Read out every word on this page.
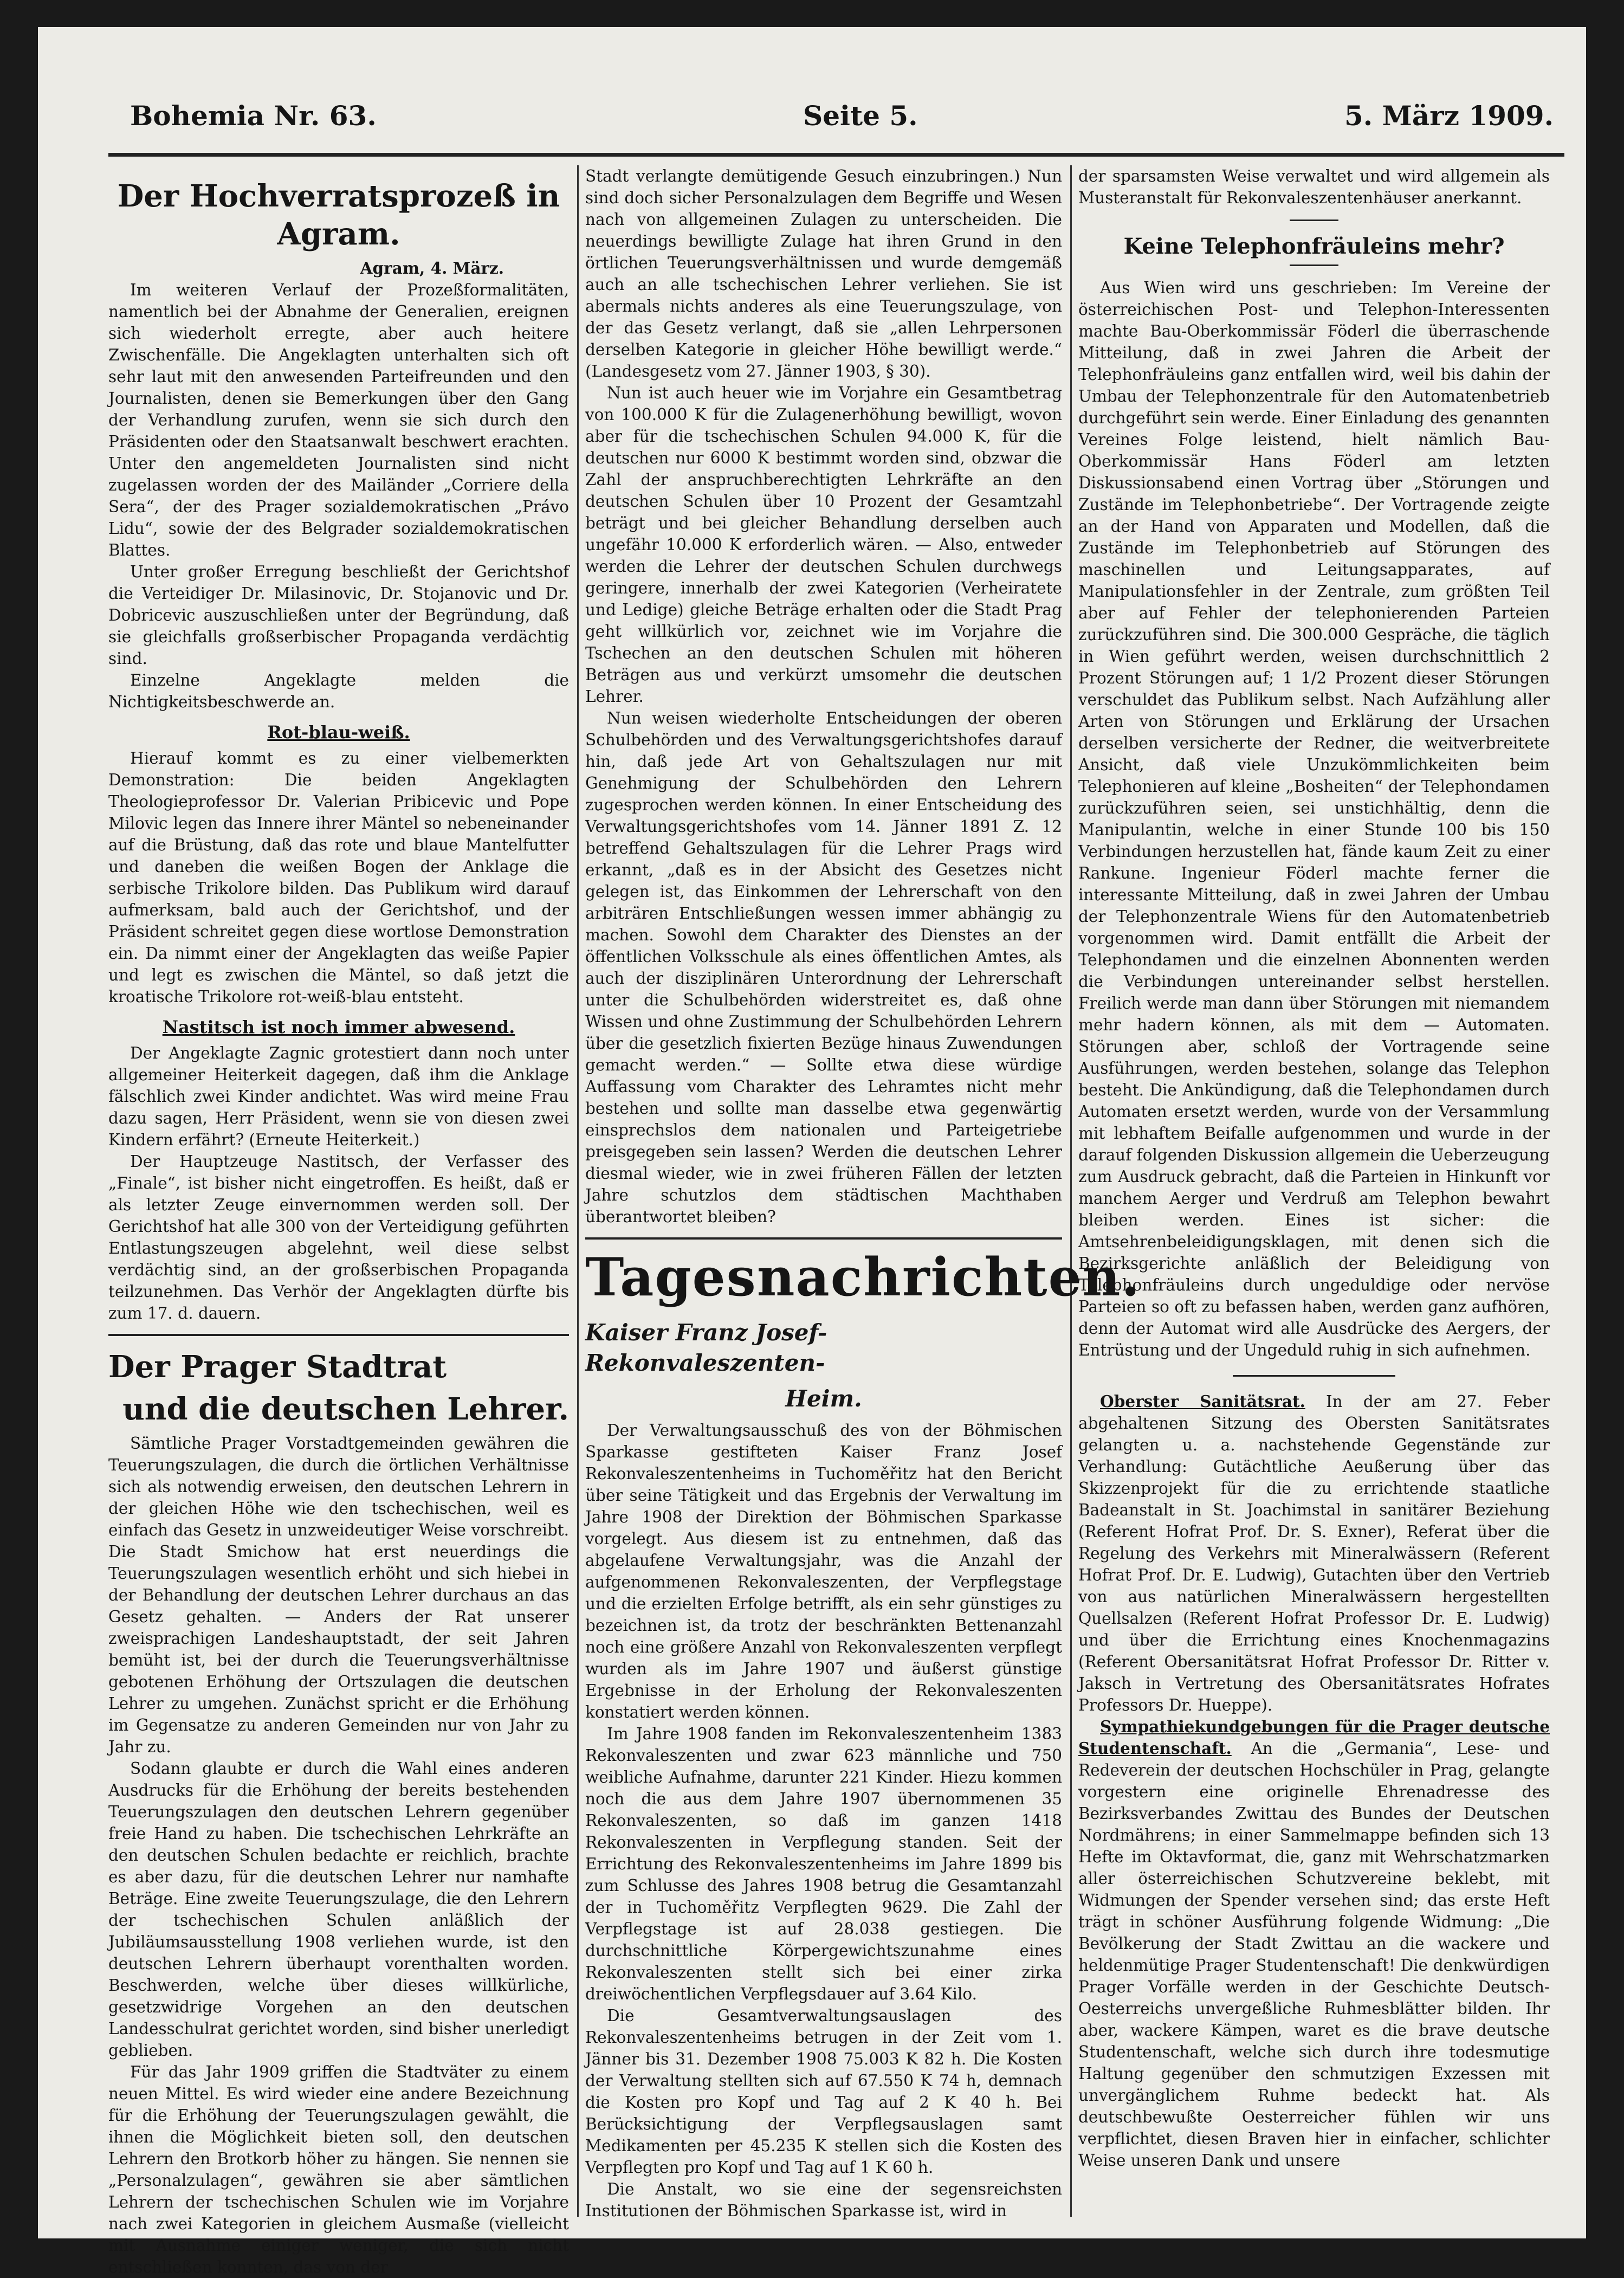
Bohemia Nr. 63.	Seite 5.	5. März 1909.
Der Hochverratsprozeß in Agram.

Agram, 4. März.

Im weiteren Verlauf der Prozeßformalitäten, namentlich bei der Abnahme der Generalien, ereignen sich wiederholt erregte, aber auch heitere Zwischenfälle. Die Angeklagten unterhalten sich oft sehr laut mit den anwesenden Parteifreunden und den Journalisten, denen sie Bemerkungen über den Gang der Verhandlung zurufen, wenn sie sich durch den Präsidenten oder den Staatsanwalt beschwert erachten. Unter den angemeldeten Journalisten sind nicht zugelassen worden der des Mailänder „Corriere della Sera“, der des Prager sozialdemokratischen „Právo Lidu“, sowie der des Belgrader sozialdemokratischen Blattes.

Unter großer Erregung beschließt der Gerichtshof die Verteidiger Dr. Milasinovic, Dr. Stojanovic und Dr. Dobricevic auszuschließen unter der Begründung, daß sie gleichfalls großserbischer Propaganda verdächtig sind.

Einzelne Angeklagte melden die Nichtigkeitsbeschwerde an.

Rot-blau-weiß.

Hierauf kommt es zu einer vielbemerkten Demonstration: Die beiden Angeklagten Theologieprofessor Dr. Valerian Pribicevic und Pope Milovic legen das Innere ihrer Mäntel so nebeneinander auf die Brüstung, daß das rote und blaue Mantelfutter und daneben die weißen Bogen der Anklage die serbische Trikolore bilden. Das Publikum wird darauf aufmerksam, bald auch der Gerichtshof, und der Präsident schreitet gegen diese wortlose Demonstration ein. Da nimmt einer der Angeklagten das weiße Papier und legt es zwischen die Mäntel, so daß jetzt die kroatische Trikolore rot-weiß-blau entsteht.

Nastitsch ist noch immer abwesend.

Der Angeklagte Zagnic grotestiert dann noch unter allgemeiner Heiterkeit dagegen, daß ihm die Anklage fälschlich zwei Kinder andichtet. Was wird meine Frau dazu sagen, Herr Präsident, wenn sie von diesen zwei Kindern erfährt? (Erneute Heiterkeit.)

Der Hauptzeuge Nastitsch, der Verfasser des „Finale“, ist bisher nicht eingetroffen. Es heißt, daß er als letzter Zeuge einvernommen werden soll. Der Gerichtshof hat alle 300 von der Verteidigung geführten Entlastungszeugen abgelehnt, weil diese selbst verdächtig sind, an der großserbischen Propaganda teilzunehmen. Das Verhör der Angeklagten dürfte bis zum 17. d. dauern.

Der Prager Stadtrat
und die deutschen Lehrer.

Sämtliche Prager Vorstadtgemeinden gewähren die Teuerungszulagen, die durch die örtlichen Verhältnisse sich als notwendig erweisen, den deutschen Lehrern in der gleichen Höhe wie den tschechischen, weil es einfach das Gesetz in unzweideutiger Weise vorschreibt. Die Stadt Smichow hat erst neuerdings die Teuerungszulagen wesentlich erhöht und sich hiebei in der Behandlung der deutschen Lehrer durchaus an das Gesetz gehalten. — Anders der Rat unserer zweisprachigen Landeshauptstadt, der seit Jahren bemüht ist, bei der durch die Teuerungsverhältnisse gebotenen Erhöhung der Ortszulagen die deutschen Lehrer zu umgehen. Zunächst spricht er die Erhöhung im Gegensatze zu anderen Gemeinden nur von Jahr zu Jahr zu.

Sodann glaubte er durch die Wahl eines anderen Ausdrucks für die Erhöhung der bereits bestehenden Teuerungszulagen den deutschen Lehrern gegenüber freie Hand zu haben. Die tschechischen Lehrkräfte an den deutschen Schulen bedachte er reichlich, brachte es aber dazu, für die deutschen Lehrer nur namhafte Beträge. Eine zweite Teuerungszulage, die den Lehrern der tschechischen Schulen anläßlich der Jubiläumsausstellung 1908 verliehen wurde, ist den deutschen Lehrern überhaupt vorenthalten worden. Beschwerden, welche über dieses willkürliche, gesetzwidrige Vorgehen an den deutschen Landesschulrat gerichtet worden, sind bisher unerledigt geblieben.

Für das Jahr 1909 griffen die Stadtväter zu einem neuen Mittel. Es wird wieder eine andere Bezeichnung für die Erhöhung der Teuerungszulagen gewählt, die ihnen die Möglichkeit bieten soll, den deutschen Lehrern den Brotkorb höher zu hängen. Sie nennen sie „Personalzulagen“, gewähren sie aber sämtlichen Lehrern der tschechischen Schulen wie im Vorjahre nach zwei Kategorien in gleichem Ausmaße (vielleicht mit Ausnahme einiger weniger, die sich nicht entschließen konnten, das von der

Stadt verlangte demütigende Gesuch einzubringen.) Nun sind doch sicher Personalzulagen dem Begriffe und Wesen nach von allgemeinen Zulagen zu unterscheiden. Die neuerdings bewilligte Zulage hat ihren Grund in den örtlichen Teuerungsverhältnissen und wurde demgemäß auch an alle tschechischen Lehrer verliehen. Sie ist abermals nichts anderes als eine Teuerungszulage, von der das Gesetz verlangt, daß sie „allen Lehrpersonen derselben Kategorie in gleicher Höhe bewilligt werde.“ (Landesgesetz vom 27. Jänner 1903, § 30).

Nun ist auch heuer wie im Vorjahre ein Gesamtbetrag von 100.000 K für die Zulagenerhöhung bewilligt, wovon aber für die tschechischen Schulen 94.000 K, für die deutschen nur 6000 K bestimmt worden sind, obzwar die Zahl der anspruchberechtigten Lehrkräfte an den deutschen Schulen über 10 Prozent der Gesamtzahl beträgt und bei gleicher Behandlung derselben auch ungefähr 10.000 K erforderlich wären. — Also, entweder werden die Lehrer der deutschen Schulen durchwegs geringere, innerhalb der zwei Kategorien (Verheiratete und Ledige) gleiche Beträge erhalten oder die Stadt Prag geht willkürlich vor, zeichnet wie im Vorjahre die Tschechen an den deutschen Schulen mit höheren Beträgen aus und verkürzt umsomehr die deutschen Lehrer.

Nun weisen wiederholte Entscheidungen der oberen Schulbehörden und des Verwaltungsgerichtshofes darauf hin, daß jede Art von Gehaltszulagen nur mit Genehmigung der Schulbehörden den Lehrern zugesprochen werden können. In einer Entscheidung des Verwaltungsgerichtshofes vom 14. Jänner 1891 Z. 12 betreffend Gehaltszulagen für die Lehrer Prags wird erkannt, „daß es in der Absicht des Gesetzes nicht gelegen ist, das Einkommen der Lehrerschaft von den arbiträren Entschließungen wessen immer abhängig zu machen. Sowohl dem Charakter des Dienstes an der öffentlichen Volksschule als eines öffentlichen Amtes, als auch der disziplinären Unterordnung der Lehrerschaft unter die Schulbehörden widerstreitet es, daß ohne Wissen und ohne Zustimmung der Schulbehörden Lehrern über die gesetzlich fixierten Bezüge hinaus Zuwendungen gemacht werden.“ — Sollte etwa diese würdige Auffassung vom Charakter des Lehramtes nicht mehr bestehen und sollte man dasselbe etwa gegenwärtig einsprechslos dem nationalen und Parteigetriebe preisgegeben sein lassen? Werden die deutschen Lehrer diesmal wieder, wie in zwei früheren Fällen der letzten Jahre schutzlos dem städtischen Machthaben überantwortet bleiben?

Tagesnachrichten.
Kaiser Franz Josef-Rekonvaleszenten-
Heim.

Der Verwaltungsausschuß des von der Böhmischen Sparkasse gestifteten Kaiser Franz Josef Rekonvaleszentenheims in Tuchoměřitz hat den Bericht über seine Tätigkeit und das Ergebnis der Verwaltung im Jahre 1908 der Direktion der Böhmischen Sparkasse vorgelegt. Aus diesem ist zu entnehmen, daß das abgelaufene Verwaltungsjahr, was die Anzahl der aufgenommenen Rekonvaleszenten, der Verpflegstage und die erzielten Erfolge betrifft, als ein sehr günstiges zu bezeichnen ist, da trotz der beschränkten Bettenanzahl noch eine größere Anzahl von Rekonvaleszenten verpflegt wurden als im Jahre 1907 und äußerst günstige Ergebnisse in der Erholung der Rekonvaleszenten konstatiert werden können.

Im Jahre 1908 fanden im Rekonvaleszentenheim 1383 Rekonvaleszenten und zwar 623 männliche und 750 weibliche Aufnahme, darunter 221 Kinder. Hiezu kommen noch die aus dem Jahre 1907 übernommenen 35 Rekonvaleszenten, so daß im ganzen 1418 Rekonvaleszenten in Verpflegung standen. Seit der Errichtung des Rekonvaleszentenheims im Jahre 1899 bis zum Schlusse des Jahres 1908 betrug die Gesamtanzahl der in Tuchoměřitz Verpflegten 9629. Die Zahl der Verpflegstage ist auf 28.038 gestiegen. Die durchschnittliche Körpergewichtszunahme eines Rekonvaleszenten stellt sich bei einer zirka dreiwöchentlichen Verpflegsdauer auf 3.64 Kilo.

Die Gesamtverwaltungsauslagen des Rekonvaleszentenheims betrugen in der Zeit vom 1. Jänner bis 31. Dezember 1908 75.003 K 82 h. Die Kosten der Verwaltung stellten sich auf 67.550 K 74 h, demnach die Kosten pro Kopf und Tag auf 2 K 40 h. Bei Berücksichtigung der Verpflegsauslagen samt Medikamenten per 45.235 K stellen sich die Kosten des Verpflegten pro Kopf und Tag auf 1 K 60 h.

Die Anstalt, wo sie eine der segensreichsten Institutionen der Böhmischen Sparkasse ist, wird in

der sparsamsten Weise verwaltet und wird allgemein als Musteranstalt für Rekonvaleszentenhäuser anerkannt.

Keine Telephonfräuleins mehr?

Aus Wien wird uns geschrieben: Im Vereine der österreichischen Post- und Telephon-Interessenten machte Bau-Oberkommissär Föderl die überraschende Mitteilung, daß in zwei Jahren die Arbeit der Telephonfräuleins ganz entfallen wird, weil bis dahin der Umbau der Telephonzentrale für den Automatenbetrieb durchgeführt sein werde. Einer Einladung des genannten Vereines Folge leistend, hielt nämlich Bau-Oberkommissär Hans Föderl am letzten Diskussionsabend einen Vortrag über „Störungen und Zustände im Telephonbetriebe“. Der Vortragende zeigte an der Hand von Apparaten und Modellen, daß die Zustände im Telephonbetrieb auf Störungen des maschinellen und Leitungsapparates, auf Manipulationsfehler in der Zentrale, zum größten Teil aber auf Fehler der telephonierenden Parteien zurückzuführen sind. Die 300.000 Gespräche, die täglich in Wien geführt werden, weisen durchschnittlich 2 Prozent Störungen auf; 1 1/2 Prozent dieser Störungen verschuldet das Publikum selbst. Nach Aufzählung aller Arten von Störungen und Erklärung der Ursachen derselben versicherte der Redner, die weitverbreitete Ansicht, daß viele Unzukömmlichkeiten beim Telephonieren auf kleine „Bosheiten“ der Telephondamen zurückzuführen seien, sei unstichhältig, denn die Manipulantin, welche in einer Stunde 100 bis 150 Verbindungen herzustellen hat, fände kaum Zeit zu einer Rankune. Ingenieur Föderl machte ferner die interessante Mitteilung, daß in zwei Jahren der Umbau der Telephonzentrale Wiens für den Automatenbetrieb vorgenommen wird. Damit entfällt die Arbeit der Telephondamen und die einzelnen Abonnenten werden die Verbindungen untereinander selbst herstellen. Freilich werde man dann über Störungen mit niemandem mehr hadern können, als mit dem — Automaten. Störungen aber, schloß der Vortragende seine Ausführungen, werden bestehen, solange das Telephon besteht. Die Ankündigung, daß die Telephondamen durch Automaten ersetzt werden, wurde von der Versammlung mit lebhaftem Beifalle aufgenommen und wurde in der darauf folgenden Diskussion allgemein die Ueberzeugung zum Ausdruck gebracht, daß die Parteien in Hinkunft vor manchem Aerger und Verdruß am Telephon bewahrt bleiben werden. Eines ist sicher: die Amtsehrenbeleidigungsklagen, mit denen sich die Bezirksgerichte anläßlich der Beleidigung von Telephonfräuleins durch ungeduldige oder nervöse Parteien so oft zu befassen haben, werden ganz aufhören, denn der Automat wird alle Ausdrücke des Aergers, der Entrüstung und der Ungeduld ruhig in sich aufnehmen.

Oberster Sanitätsrat. In der am 27. Feber abgehaltenen Sitzung des Obersten Sanitätsrates gelangten u. a. nachstehende Gegenstände zur Verhandlung: Gutächtliche Aeußerung über das Skizzenprojekt für die zu errichtende staatliche Badeanstalt in St. Joachimstal in sanitärer Beziehung (Referent Hofrat Prof. Dr. S. Exner), Referat über die Regelung des Verkehrs mit Mineralwässern (Referent Hofrat Prof. Dr. E. Ludwig), Gutachten über den Vertrieb von aus natürlichen Mineralwässern hergestellten Quellsalzen (Referent Hofrat Professor Dr. E. Ludwig) und über die Errichtung eines Knochenmagazins (Referent Obersanitätsrat Hofrat Professor Dr. Ritter v. Jaksch in Vertretung des Obersanitätsrates Hofrates Professors Dr. Hueppe).

Sympathiekundgebungen für die Prager deutsche Studentenschaft. An die „Germania“, Lese- und Redeverein der deutschen Hochschüler in Prag, gelangte vorgestern eine originelle Ehrenadresse des Bezirksverbandes Zwittau des Bundes der Deutschen Nordmährens; in einer Sammelmappe befinden sich 13 Hefte im Oktavformat, die, ganz mit Wehrschatzmarken aller österreichischen Schutzvereine beklebt, mit Widmungen der Spender versehen sind; das erste Heft trägt in schöner Ausführung folgende Widmung: „Die Bevölkerung der Stadt Zwittau an die wackere und heldenmütige Prager Studentenschaft! Die denkwürdigen Prager Vorfälle werden in der Geschichte Deutsch-Oesterreichs unvergeßliche Ruhmesblätter bilden. Ihr aber, wackere Kämpen, waret es die brave deutsche Studentenschaft, welche sich durch ihre todesmutige Haltung gegenüber den schmutzigen Exzessen mit unvergänglichem Ruhme bedeckt hat. Als deutschbewußte Oesterreicher fühlen wir uns verpflichtet, diesen Braven hier in einfacher, schlichter Weise unseren Dank und unsere
